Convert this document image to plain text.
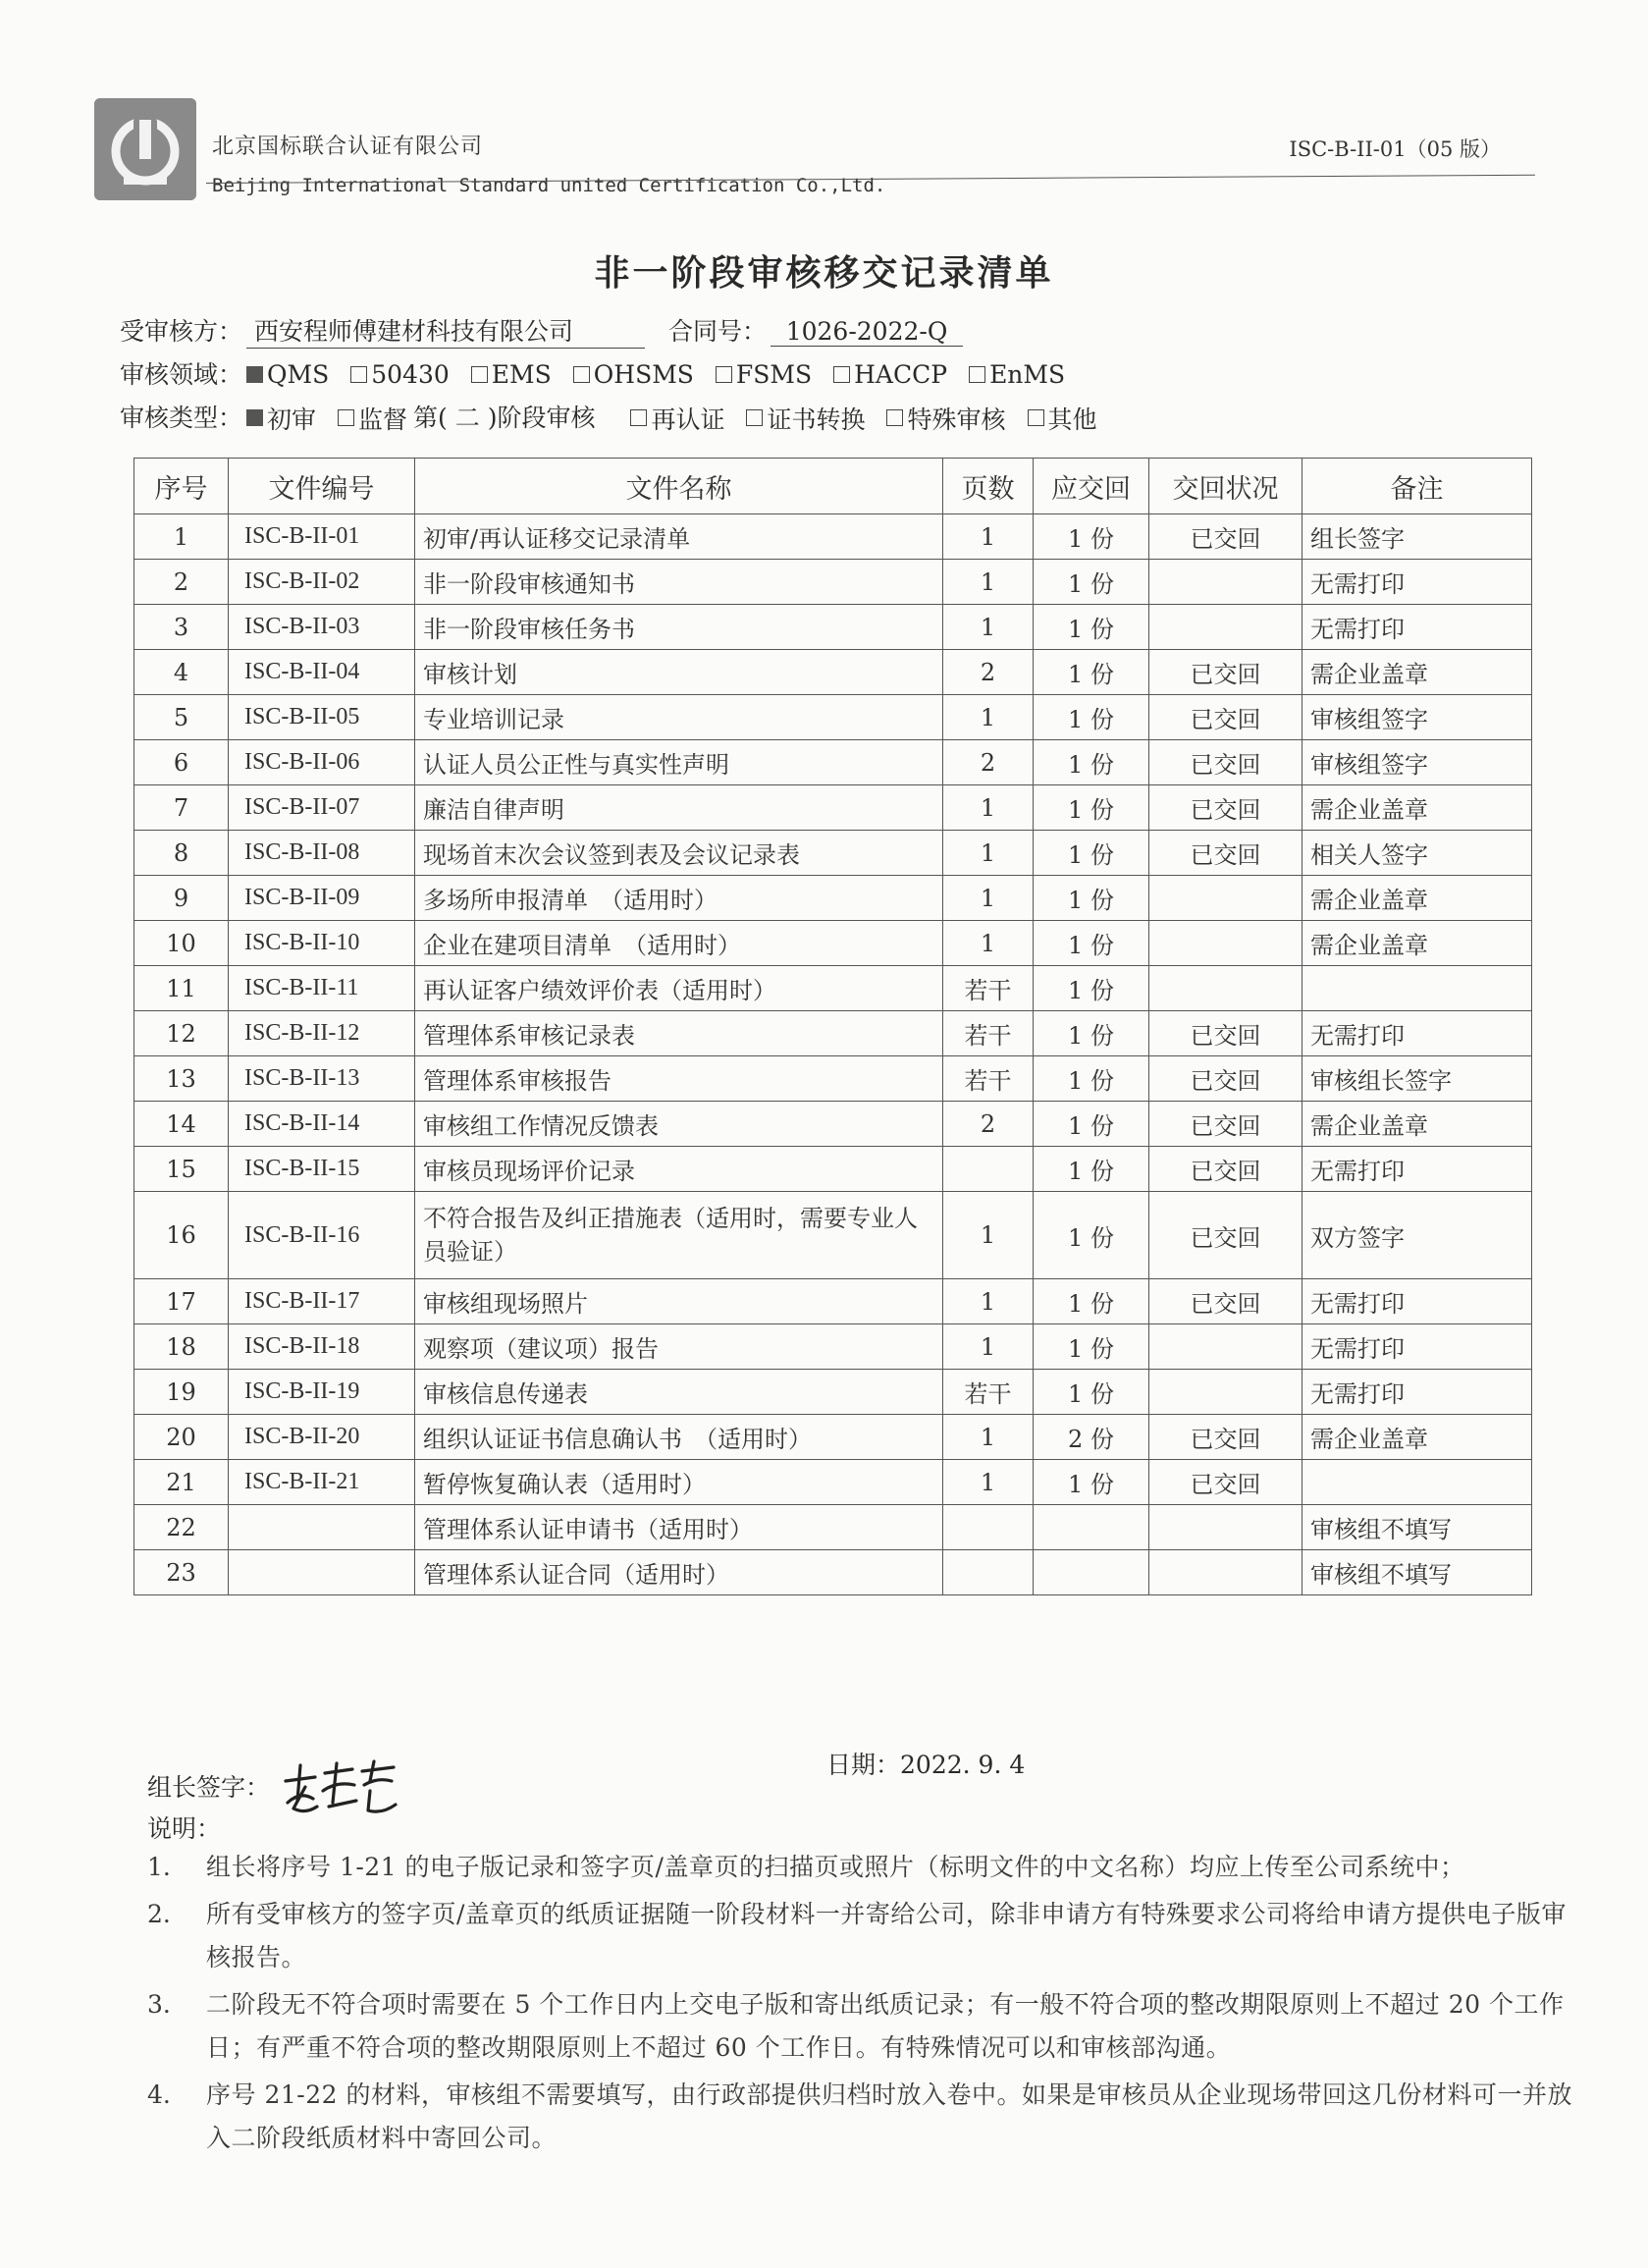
北京国标联合认证有限公司
Beijing International Standard united Certification Co.,Ltd.
ISC-B-II-01（05 版）
非一阶段审核移交记录清单
受审核方： 西安程师傅建材科技有限公司	合同号： 1026-2022-Q
审核领域： QMS 50430 EMS OHSMS FSMS HACCP EnMS
审核类型： 初审 监督 第( 二 )阶段审核 再认证 证书转换 特殊审核 其他
序号	文件编号	文件名称	页数	应交回	交回状况	备注
1	ISC-B-II-01	初审/再认证移交记录清单	1	1 份	已交回	组长签字
2	ISC-B-II-02	非一阶段审核通知书	1	1 份		无需打印
3	ISC-B-II-03	非一阶段审核任务书	1	1 份		无需打印
4	ISC-B-II-04	审核计划	2	1 份	已交回	需企业盖章
5	ISC-B-II-05	专业培训记录	1	1 份	已交回	审核组签字
6	ISC-B-II-06	认证人员公正性与真实性声明	2	1 份	已交回	审核组签字
7	ISC-B-II-07	廉洁自律声明	1	1 份	已交回	需企业盖章
8	ISC-B-II-08	现场首末次会议签到表及会议记录表	1	1 份	已交回	相关人签字
9	ISC-B-II-09	多场所申报清单　（适用时）	1	1 份		需企业盖章
10	ISC-B-II-10	企业在建项目清单　（适用时）	1	1 份		需企业盖章
11	ISC-B-II-11	再认证客户绩效评价表（适用时）	若干	1 份		
12	ISC-B-II-12	管理体系审核记录表	若干	1 份	已交回	无需打印
13	ISC-B-II-13	管理体系审核报告	若干	1 份	已交回	审核组长签字
14	ISC-B-II-14	审核组工作情况反馈表	2	1 份	已交回	需企业盖章
15	ISC-B-II-15	审核员现场评价记录		1 份	已交回	无需打印
16	ISC-B-II-16	不符合报告及纠正措施表（适用时，需要专业人员验证）	1	1 份	已交回	双方签字
17	ISC-B-II-17	审核组现场照片	1	1 份	已交回	无需打印
18	ISC-B-II-18	观察项（建议项）报告	1	1 份		无需打印
19	ISC-B-II-19	审核信息传递表	若干	1 份		无需打印
20	ISC-B-II-20	组织认证证书信息确认书　（适用时）	1	2 份	已交回	需企业盖章
21	ISC-B-II-21	暂停恢复确认表（适用时）	1	1 份	已交回	
22		管理体系认证申请书（适用时）				审核组不填写
23		管理体系认证合同（适用时）				审核组不填写
组长签字：
日期：2022. 9. 4
说明：
1.	组长将序号 1-21 的电子版记录和签字页/盖章页的扫描页或照片（标明文件的中文名称）均应上传至公司系统中；
2.	所有受审核方的签字页/盖章页的纸质证据随一阶段材料一并寄给公司，除非申请方有特殊要求公司将给申请方提供电子版审核报告。
3.	二阶段无不符合项时需要在 5 个工作日内上交电子版和寄出纸质记录；有一般不符合项的整改期限原则上不超过 20 个工作日；有严重不符合项的整改期限原则上不超过 60 个工作日。有特殊情况可以和审核部沟通。
4.	序号 21-22 的材料，审核组不需要填写，由行政部提供归档时放入卷中。如果是审核员从企业现场带回这几份材料可一并放入二阶段纸质材料中寄回公司。
